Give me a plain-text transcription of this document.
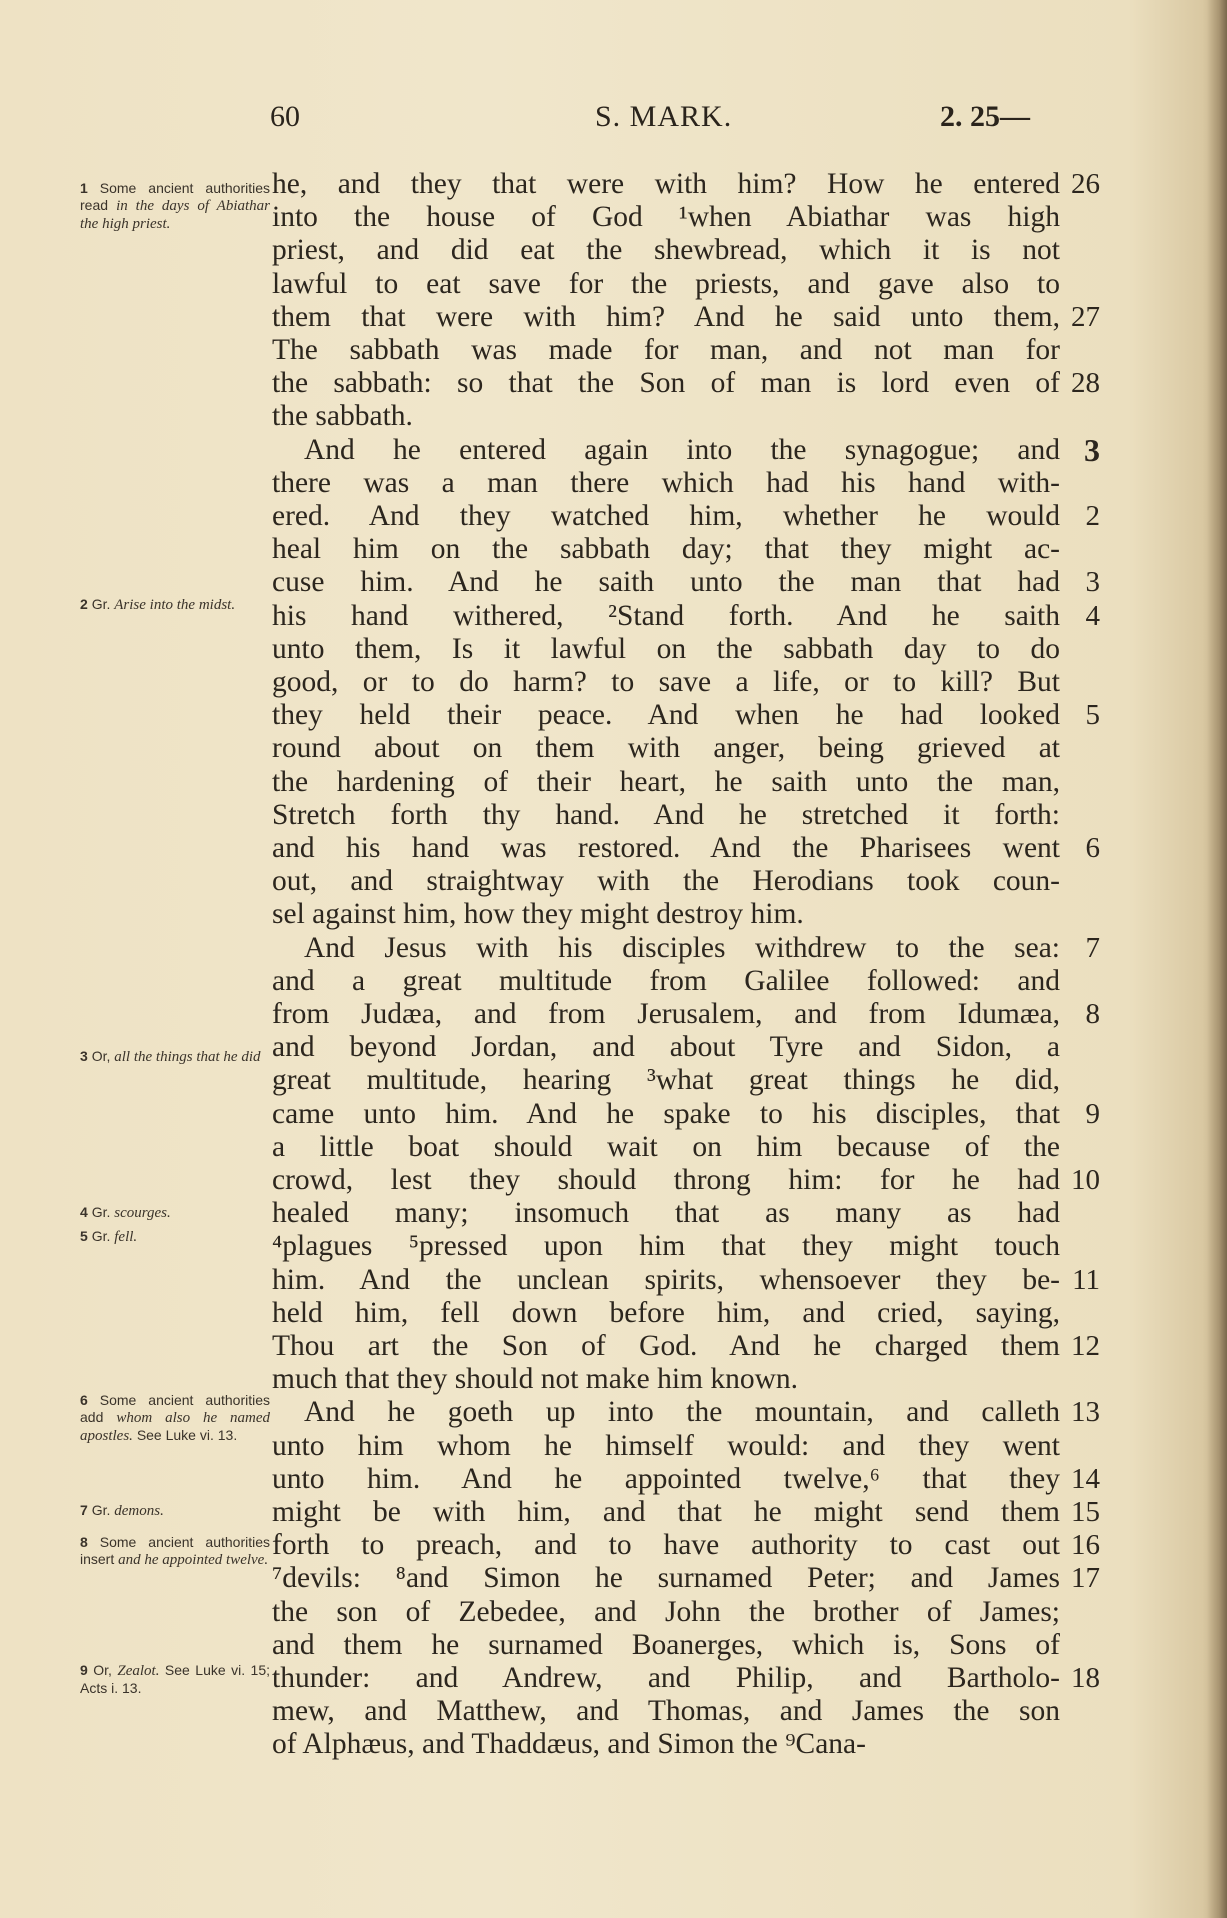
60	S. MARK.	2. 25—
he, and they that were with him? How he entered 26
into the house of God ¹when Abiathar was high
priest, and did eat the shewbread, which it is not
lawful to eat save for the priests, and gave also to
them that were with him? And he said unto them, 27
The sabbath was made for man, and not man for
the sabbath: so that the Son of man is lord even of 28
the sabbath.
And he entered again into the synagogue; and 3
there was a man there which had his hand with-
ered. And they watched him, whether he would 2
heal him on the sabbath day; that they might ac-
cuse him. And he saith unto the man that had 3
his hand withered, ²Stand forth. And he saith 4
unto them, Is it lawful on the sabbath day to do
good, or to do harm? to save a life, or to kill? But
they held their peace. And when he had looked 5
round about on them with anger, being grieved at
the hardening of their heart, he saith unto the man,
Stretch forth thy hand. And he stretched it forth:
and his hand was restored. And the Pharisees went 6
out, and straightway with the Herodians took coun-
sel against him, how they might destroy him.
And Jesus with his disciples withdrew to the sea: 7
and a great multitude from Galilee followed: and
from Judæa, and from Jerusalem, and from Idumæa, 8
and beyond Jordan, and about Tyre and Sidon, a
great multitude, hearing ³what great things he did,
came unto him. And he spake to his disciples, that 9
a little boat should wait on him because of the
crowd, lest they should throng him: for he had 10
healed many; insomuch that as many as had
⁴plagues ⁵pressed upon him that they might touch
him. And the unclean spirits, whensoever they be- 11
held him, fell down before him, and cried, saying,
Thou art the Son of God. And he charged them 12
much that they should not make him known.
And he goeth up into the mountain, and calleth 13
unto him whom he himself would: and they went
unto him. And he appointed twelve,⁶ that they 14
might be with him, and that he might send them 15
forth to preach, and to have authority to cast out 16
⁷devils: ⁸and Simon he surnamed Peter; and James 17
the son of Zebedee, and John the brother of James;
and them he surnamed Boanerges, which is, Sons of
thunder: and Andrew, and Philip, and Bartholo- 18
mew, and Matthew, and Thomas, and James the son
of Alphæus, and Thaddæus, and Simon the ⁹Cana-
1 Some ancient authorities read in the days of Abiathar the high priest.
2 Gr. Arise into the midst.
3 Or, all the things that he did
4 Gr. scourges.
5 Gr. fell.
6 Some ancient authorities add whom also he named apostles. See Luke vi. 13.
7 Gr. demons.
8 Some ancient authorities insert and he appointed twelve.
9 Or, Zealot. See Luke vi. 15; Acts i. 13.
